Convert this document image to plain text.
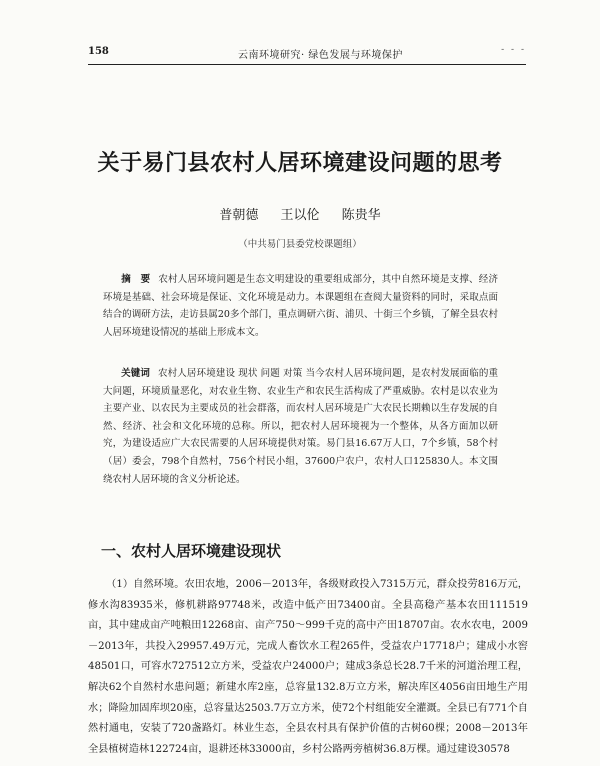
158	云南环境研究· 绿色发展与环境保护	- - -
关于易门县农村人居环境建设问题的思考
普朝德 王以伦 陈贵华
（中共易门县委党校课题组）
摘　要 农村人居环境问题是生态文明建设的重要组成部分，其中自然环境是支撑、经济环境是基础、社会环境是保证、文化环境是动力。本课题组在查阅大量资料的同时，采取点面结合的调研方法，走访县属20多个部门，重点调研六街、浦贝、十街三个乡镇，了解全县农村人居环境建设情况的基础上形成本文。
关键词 农村人居环境建设 现状 问题 对策 当今农村人居环境问题，是农村发展面临的重大问题，环境质量恶化，对农业生物、农业生产和农民生活构成了严重威胁。农村是以农业为主要产业、以农民为主要成员的社会群落，而农村人居环境是广大农民长期赖以生存发展的自然、经济、社会和文化环境的总称。所以，把农村人居环境视为一个整体，从各方面加以研究，为建设适应广大农民需要的人居环境提供对策。易门县16.67万人口，7个乡镇，58个村（居）委会，798个自然村，756个村民小组，37600户农户，农村人口125830人。本文围绕农村人居环境的含义分析论述。
一、农村人居环境建设现状
（1）自然环境。农田农地，2006－2013年，各级财政投入7315万元，群众投劳816万元，修水沟83935米，修机耕路97748米，改造中低产田73400亩。全县高稳产基本农田111519亩，其中建成亩产吨粮田12268亩、亩产750～999千克的高中产田18707亩。农水农电，2009－2013年，共投入29957.49万元，完成人畜饮水工程265件，受益农户17718户；建成小水窖48501口，可容水727512立方米，受益农户24000户；建成3条总长28.7千米的河道治理工程，解决62个自然村水患问题；新建水库2座，总容量132.8万立方米，解决库区4056亩田地生产用水；降险加固库坝20座，总容量达2503.7万立方米，使72个村组能安全灌溉。全县已有771个自然村通电，安装了720盏路灯。林业生态，全县农村具有保护价值的古树60棵；2008－2013年全县植树造林122724亩，退耕还林33000亩，乡村公路两旁植树36.8万棵。通过建设30578
